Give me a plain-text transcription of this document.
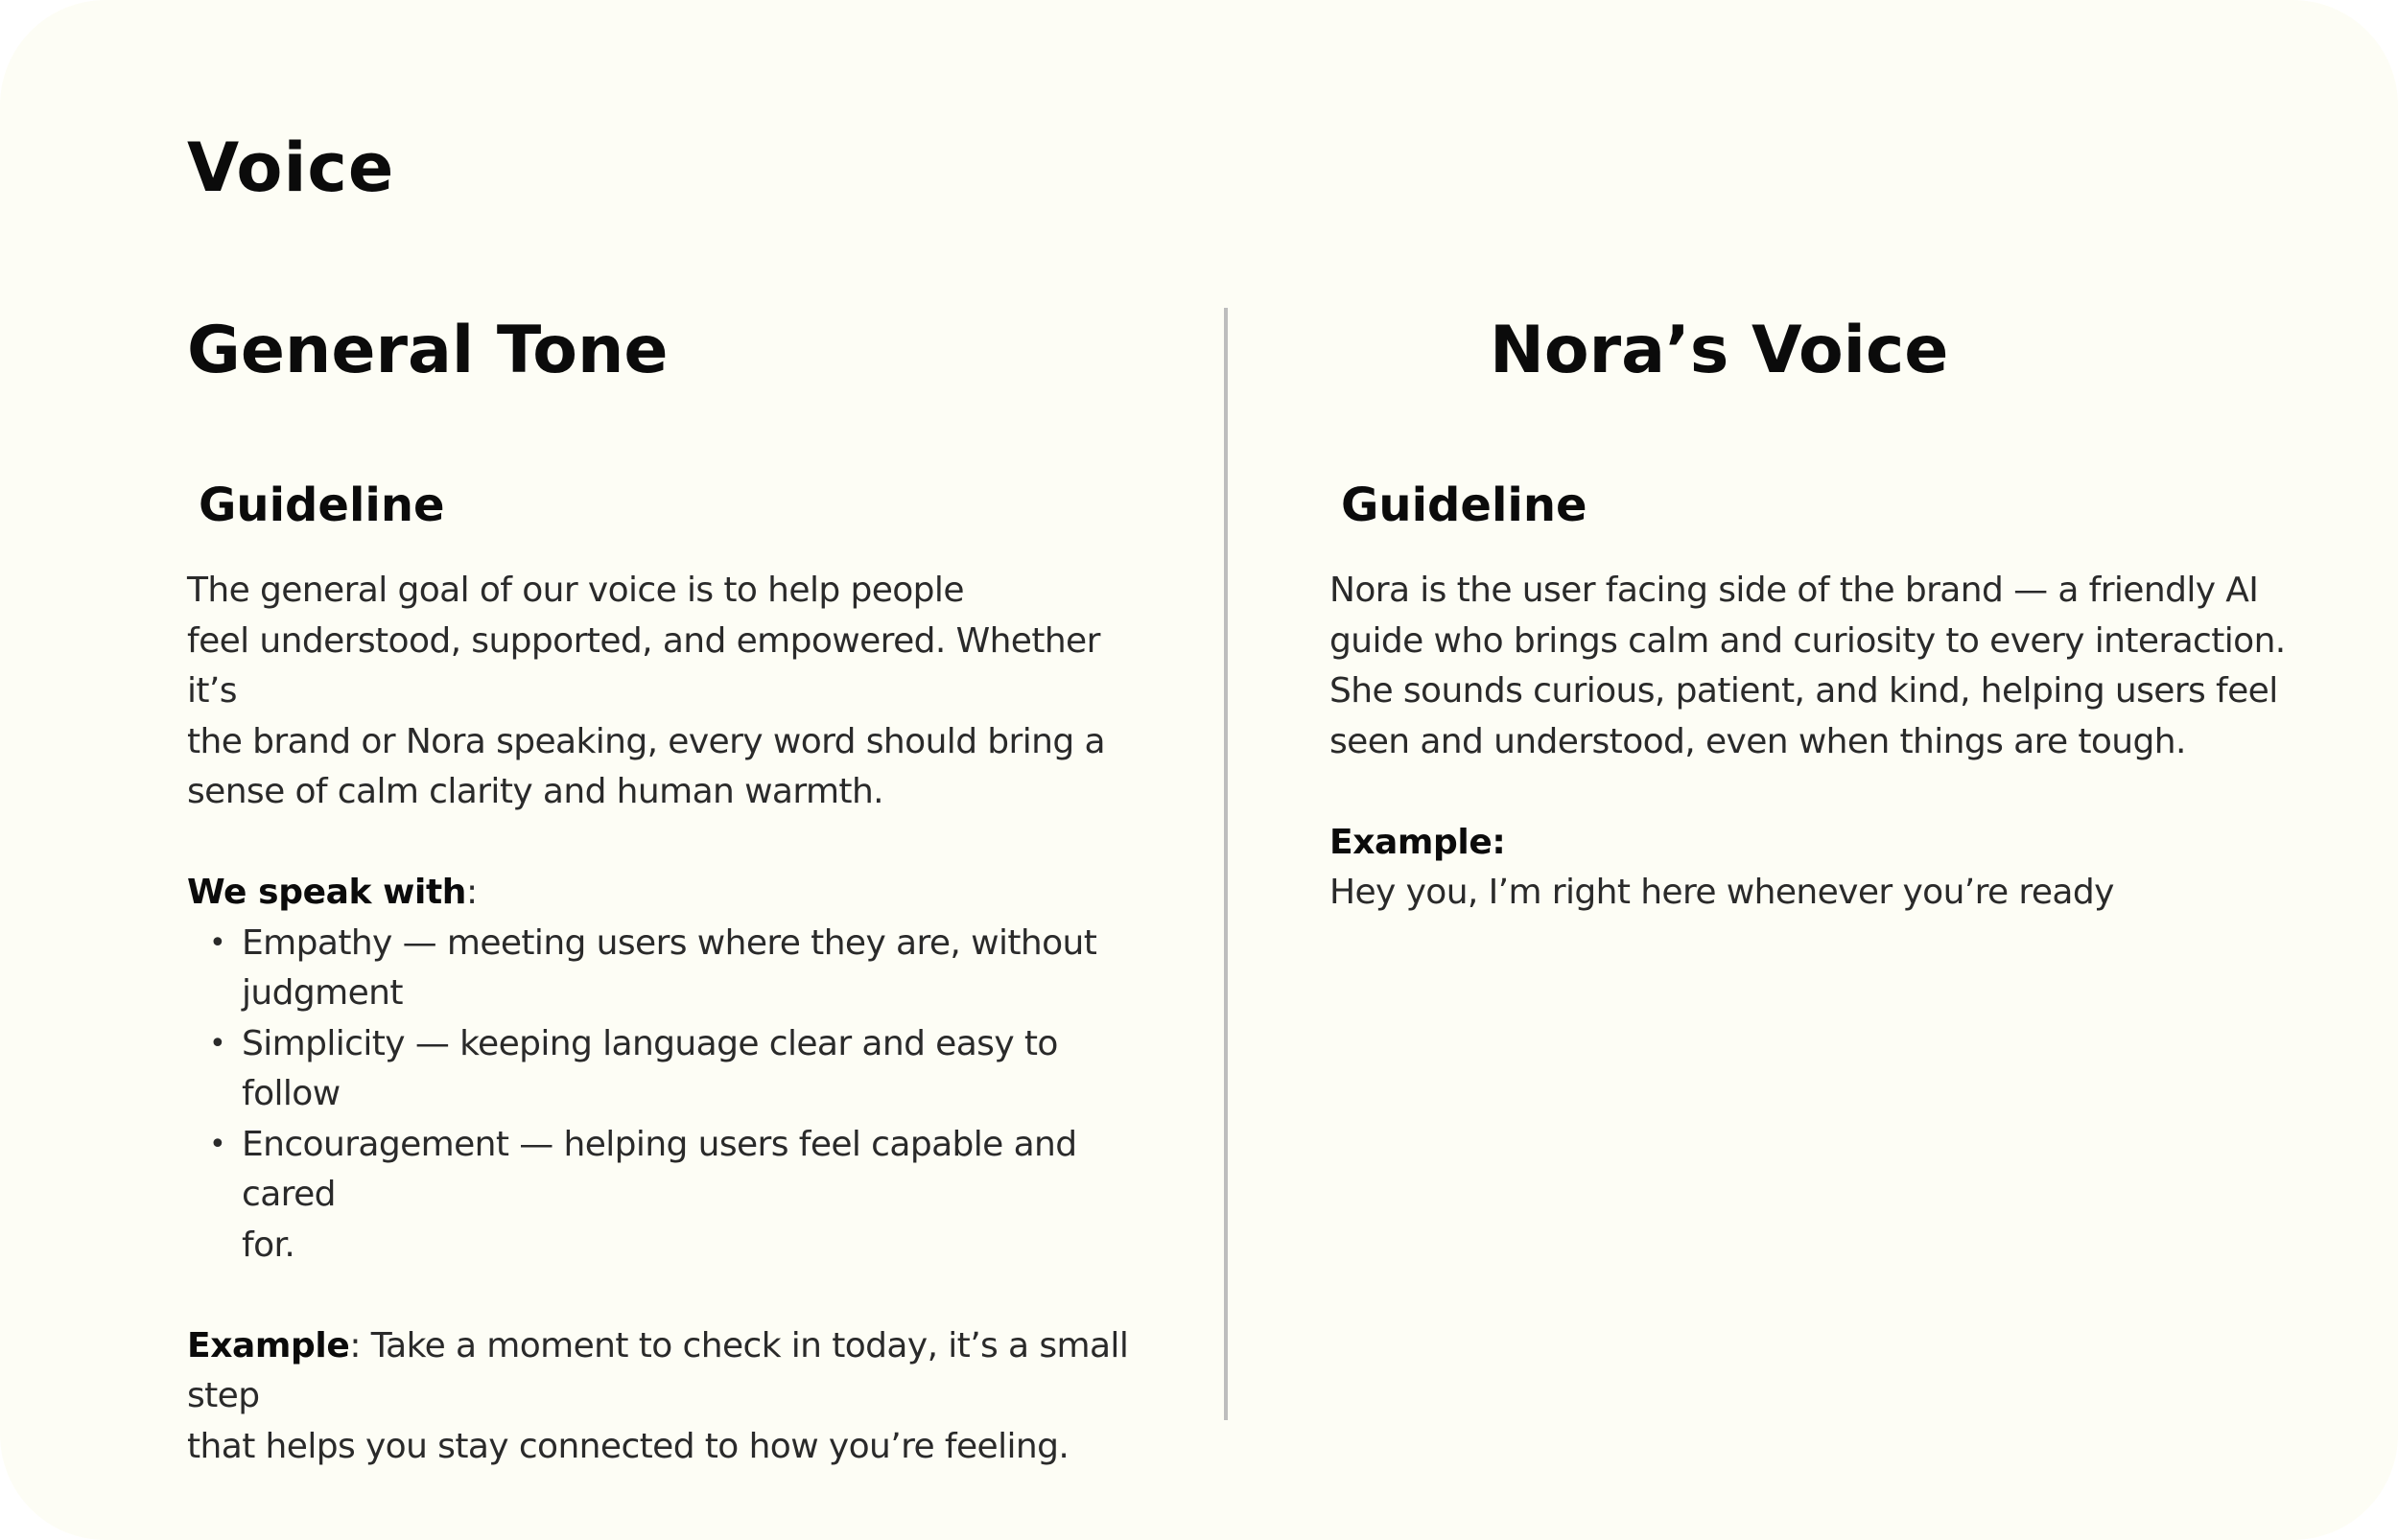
Voice
General Tone
Guideline

The general goal of our voice is to help people
feel understood, supported, and empowered. Whether it’s
the brand or Nora speaking, every word should bring a
sense of calm clarity and human warmth.

We speak with:

• Empathy — meeting users where they are, without
judgment
• Simplicity — keeping language clear and easy to follow
• Encouragement — helping users feel capable and cared
for.

Example: Take a moment to check in today, it’s a small step
that helps you stay connected to how you’re feeling.

Nora’s Voice
Guideline

Nora is the user facing side of the brand — a friendly AI
guide who brings calm and curiosity to every interaction.
She sounds curious, patient, and kind, helping users feel
seen and understood, even when things are tough.

Example:
Hey you, I’m right here whenever you’re ready
